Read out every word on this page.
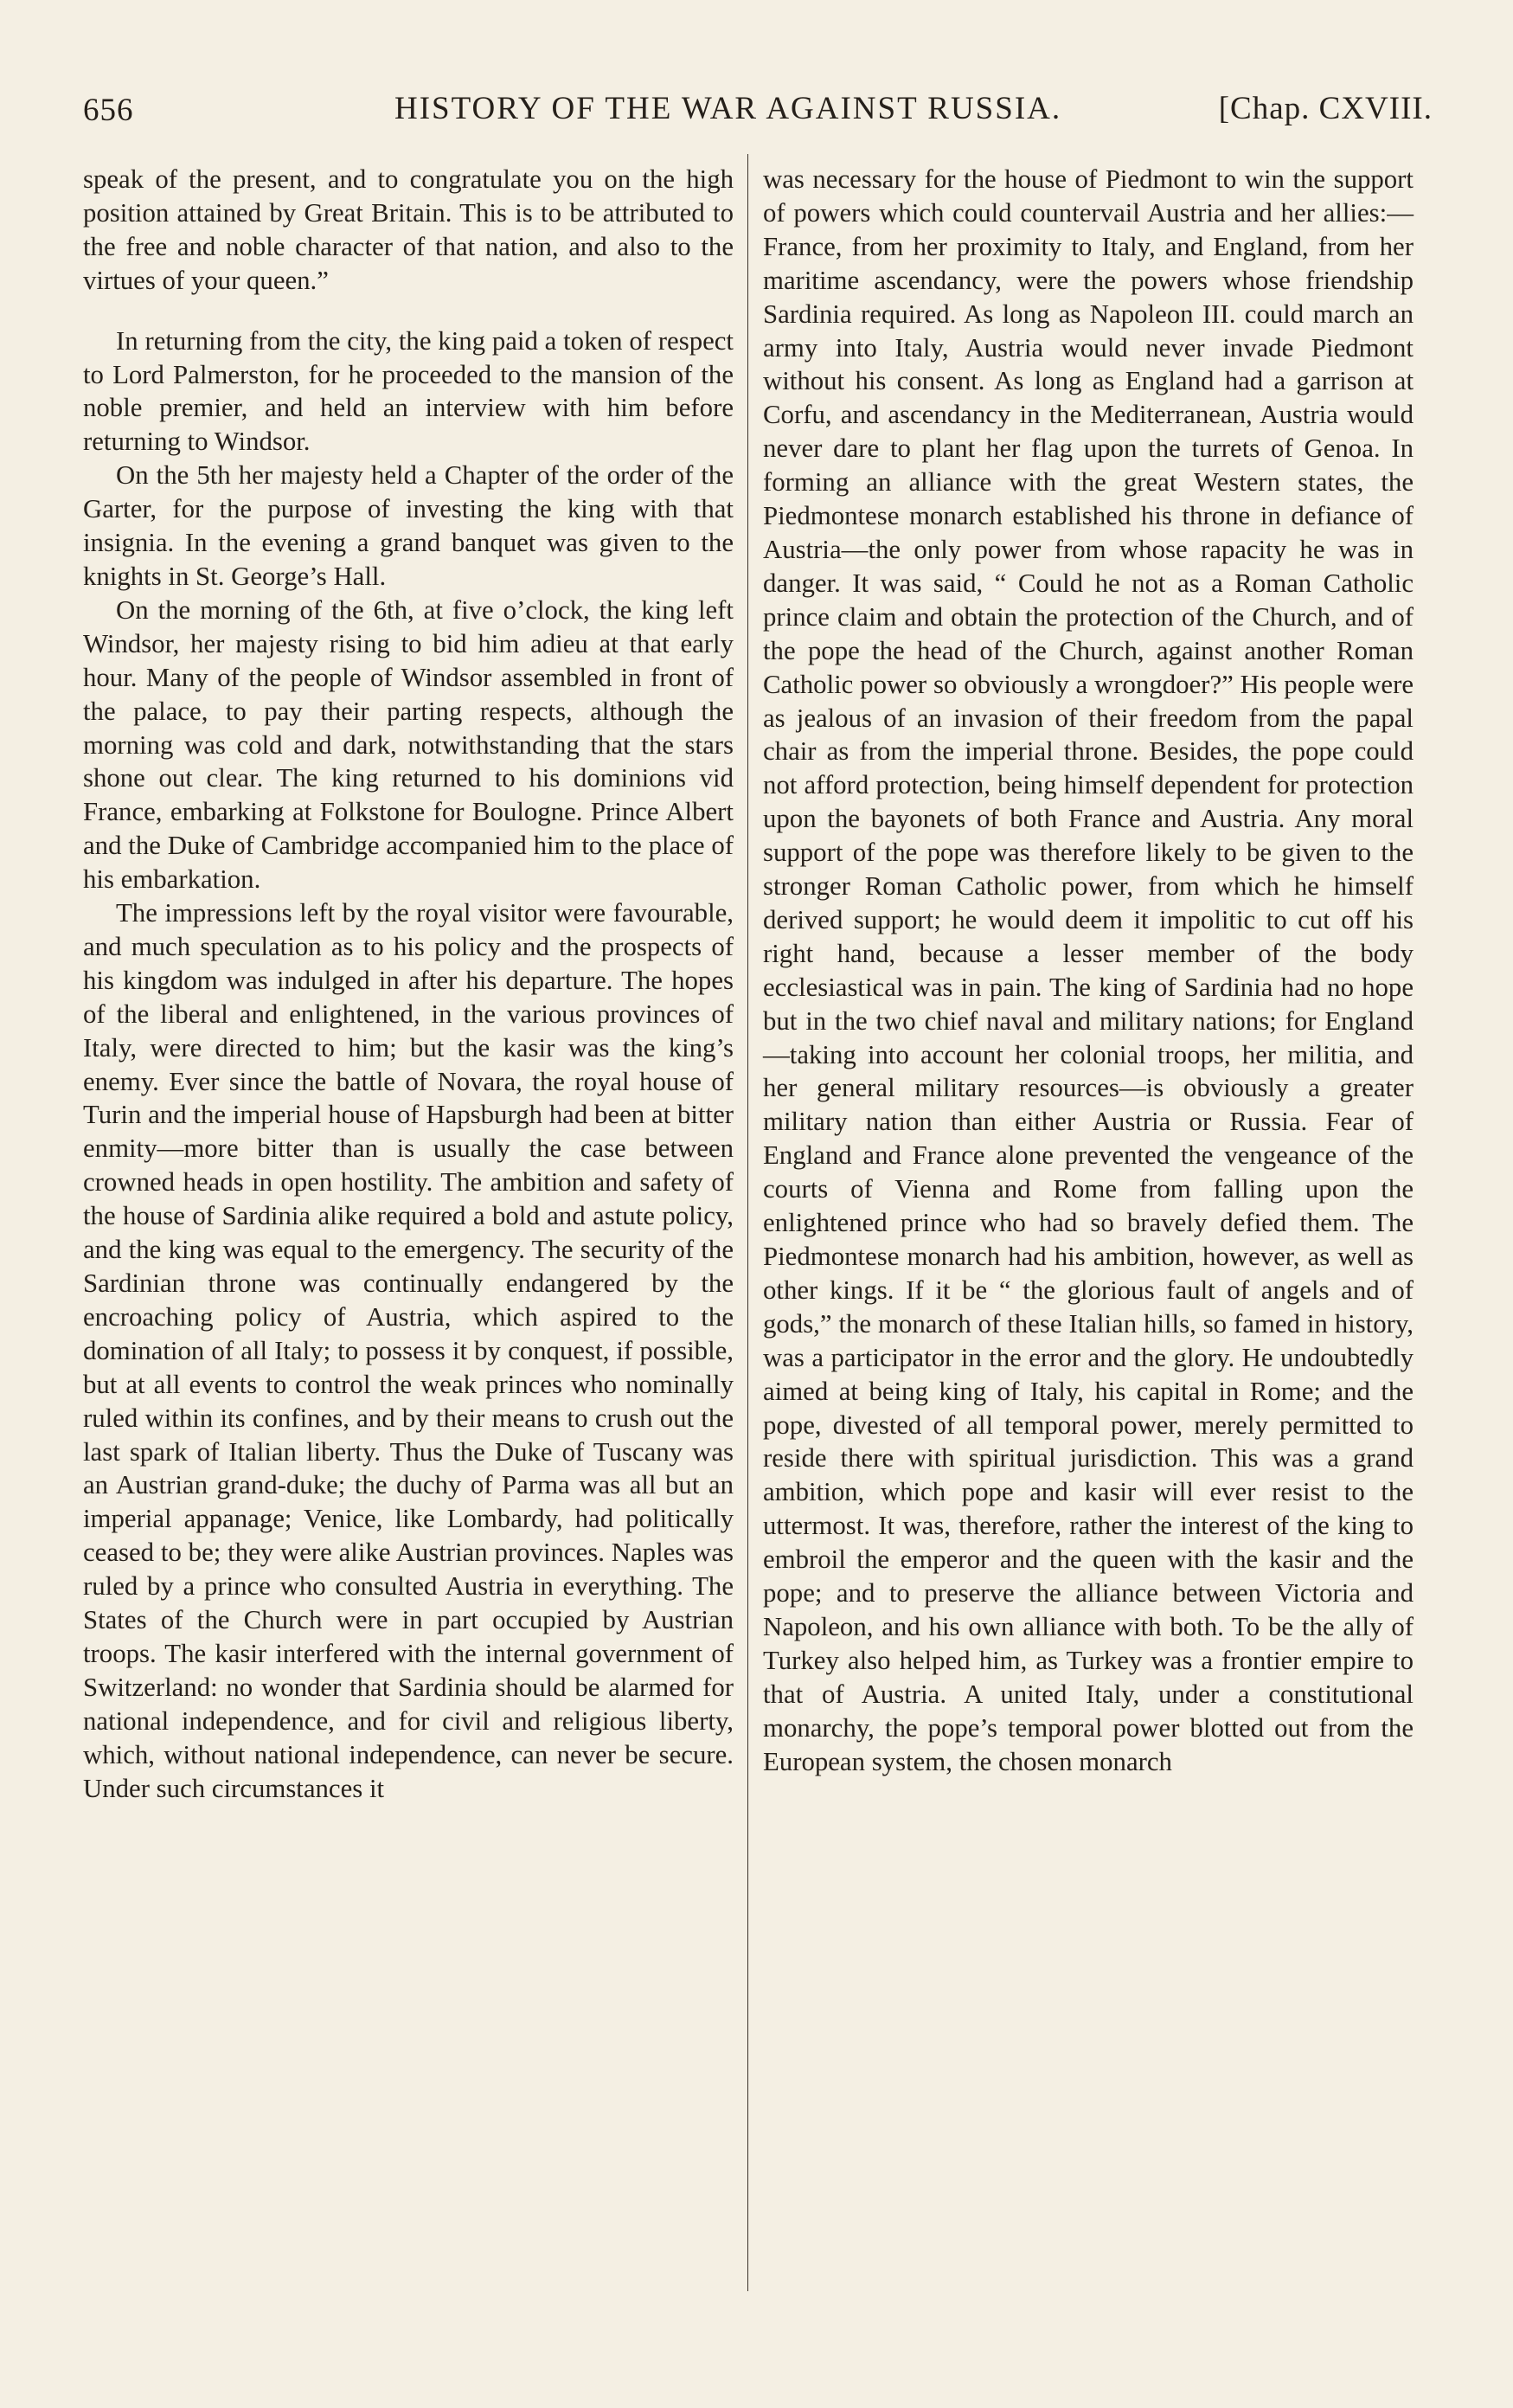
656	HISTORY OF THE WAR AGAINST RUSSIA.	[Chap. CXVIII.

speak of the present, and to congratulate you on the high position attained by Great Britain. This is to be attributed to the free and noble character of that nation, and also to the virtues of your queen.”

In returning from the city, the king paid a token of respect to Lord Palmerston, for he proceeded to the mansion of the noble premier, and held an interview with him before returning to Windsor.

On the 5th her majesty held a Chapter of the order of the Garter, for the purpose of investing the king with that insignia. In the evening a grand banquet was given to the knights in St. George’s Hall.

On the morning of the 6th, at five o’clock, the king left Windsor, her majesty rising to bid him adieu at that early hour. Many of the people of Windsor assembled in front of the palace, to pay their parting respects, although the morning was cold and dark, notwithstanding that the stars shone out clear. The king returned to his dominions vid France, embarking at Folkstone for Boulogne. Prince Albert and the Duke of Cambridge accompanied him to the place of his embarkation.

The impressions left by the royal visitor were favourable, and much speculation as to his policy and the prospects of his kingdom was indulged in after his departure. The hopes of the liberal and enlightened, in the various provinces of Italy, were directed to him; but the kasir was the king’s enemy. Ever since the battle of Novara, the royal house of Turin and the imperial house of Hapsburgh had been at bitter enmity—more bitter than is usually the case between crowned heads in open hostility. The ambition and safety of the house of Sardinia alike required a bold and astute policy, and the king was equal to the emergency. The security of the Sardinian throne was continually endangered by the encroaching policy of Austria, which aspired to the domination of all Italy; to possess it by conquest, if possible, but at all events to control the weak princes who nominally ruled within its confines, and by their means to crush out the last spark of Italian liberty. Thus the Duke of Tuscany was an Austrian grand-duke; the duchy of Parma was all but an imperial appanage; Venice, like Lombardy, had politically ceased to be; they were alike Austrian provinces. Naples was ruled by a prince who consulted Austria in everything. The States of the Church were in part occupied by Austrian troops. The kasir interfered with the internal government of Switzerland: no wonder that Sardinia should be alarmed for national independence, and for civil and religious liberty, which, without national independence, can never be secure. Under such circumstances it

was necessary for the house of Piedmont to win the support of powers which could countervail Austria and her allies:—France, from her proximity to Italy, and England, from her maritime ascendancy, were the powers whose friendship Sardinia required. As long as Napoleon III. could march an army into Italy, Austria would never invade Piedmont without his consent. As long as England had a garrison at Corfu, and ascendancy in the Mediterranean, Austria would never dare to plant her flag upon the turrets of Genoa. In forming an alliance with the great Western states, the Piedmontese monarch established his throne in defiance of Austria—the only power from whose rapacity he was in danger. It was said, “ Could he not as a Roman Catholic prince claim and obtain the protection of the Church, and of the pope the head of the Church, against another Roman Catholic power so obviously a wrongdoer?” His people were as jealous of an invasion of their freedom from the papal chair as from the imperial throne. Besides, the pope could not afford protection, being himself dependent for protection upon the bayonets of both France and Austria. Any moral support of the pope was therefore likely to be given to the stronger Roman Catholic power, from which he himself derived support; he would deem it impolitic to cut off his right hand, because a lesser member of the body ecclesiastical was in pain. The king of Sardinia had no hope but in the two chief naval and military nations; for England—taking into account her colonial troops, her militia, and her general military resources—is obviously a greater military nation than either Austria or Russia. Fear of England and France alone prevented the vengeance of the courts of Vienna and Rome from falling upon the enlightened prince who had so bravely defied them. The Piedmontese monarch had his ambition, however, as well as other kings. If it be “ the glorious fault of angels and of gods,” the monarch of these Italian hills, so famed in history, was a participator in the error and the glory. He undoubtedly aimed at being king of Italy, his capital in Rome; and the pope, divested of all temporal power, merely permitted to reside there with spiritual jurisdiction. This was a grand ambition, which pope and kasir will ever resist to the uttermost. It was, therefore, rather the interest of the king to embroil the emperor and the queen with the kasir and the pope; and to preserve the alliance between Victoria and Napoleon, and his own alliance with both. To be the ally of Turkey also helped him, as Turkey was a frontier empire to that of Austria. A united Italy, under a constitutional monarchy, the pope’s temporal power blotted out from the European system, the chosen monarch
